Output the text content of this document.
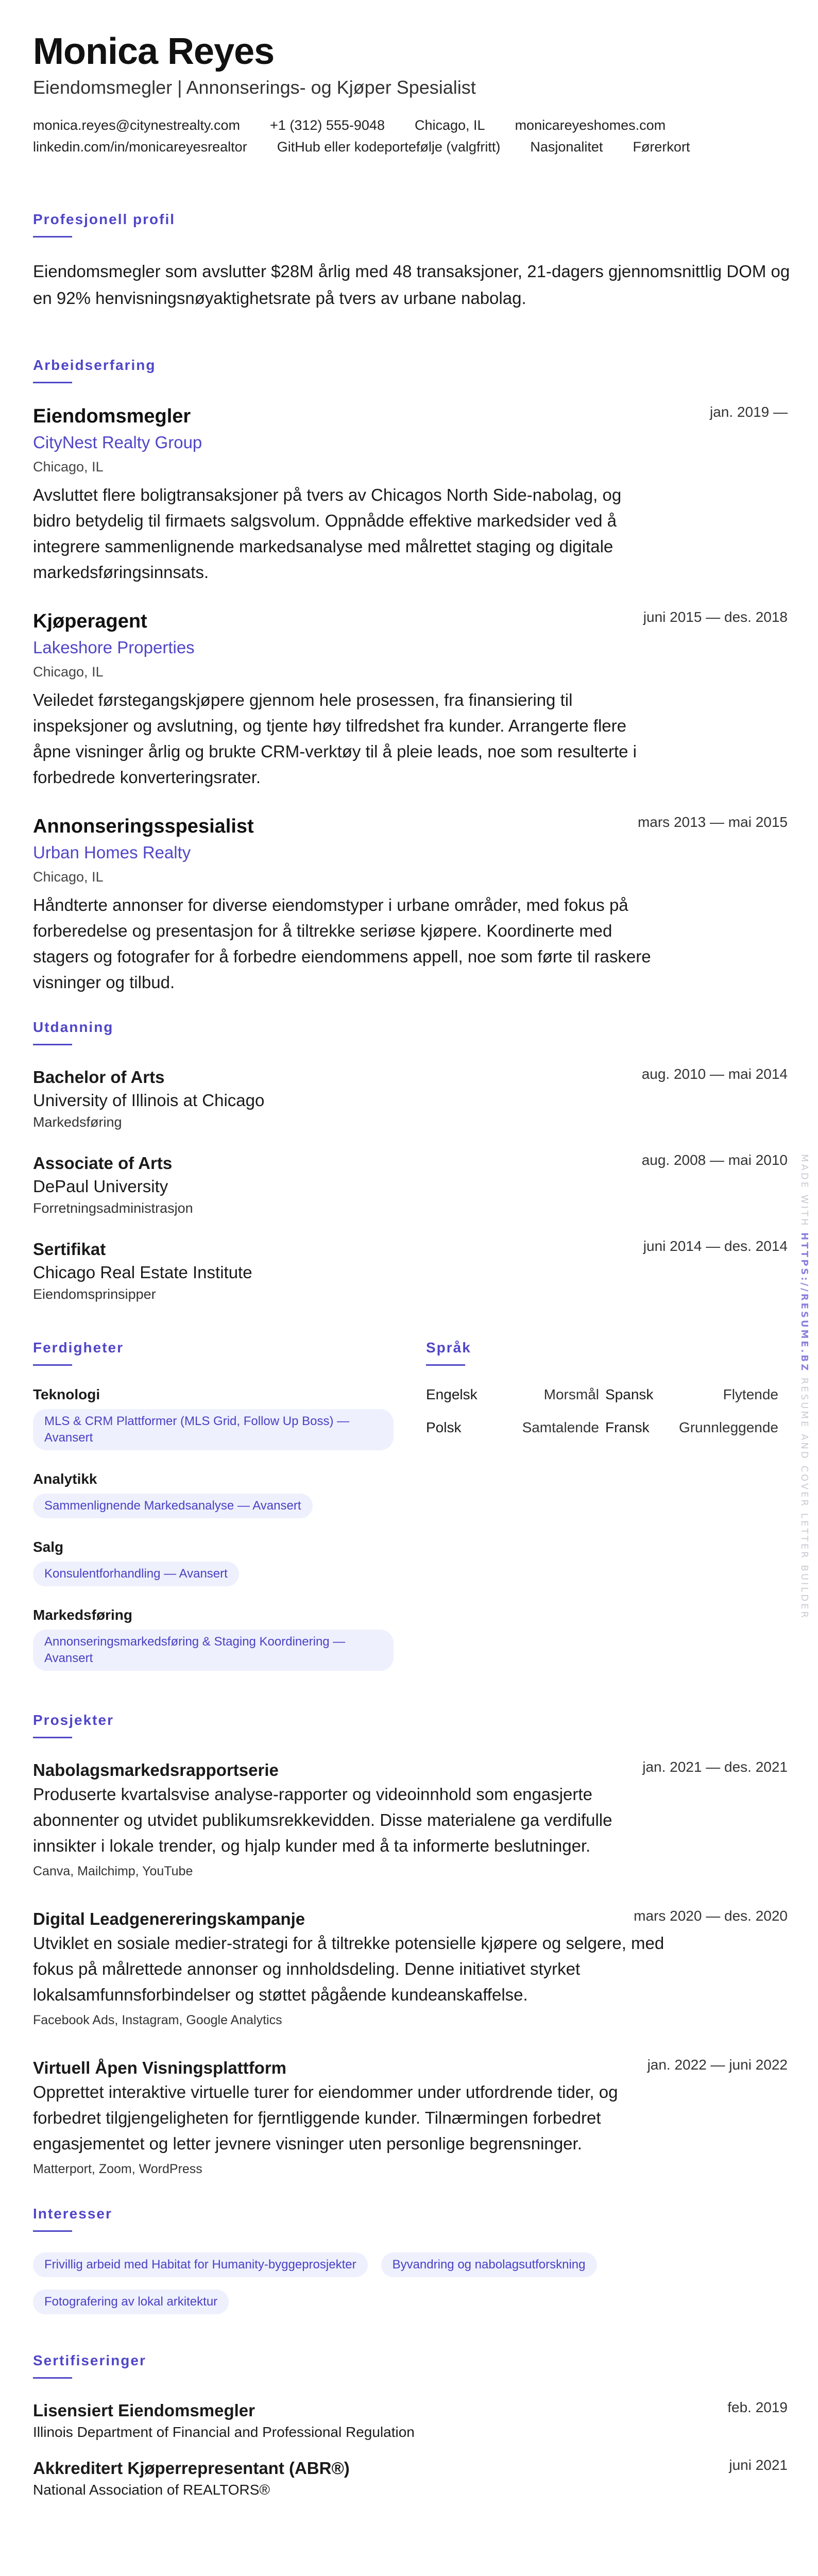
Monica Reyes
Eiendomsmegler | Annonserings- og Kjøper Spesialist
monica.reyes@citynestrealty.com +1 (312) 555-9048 Chicago, IL monicareyeshomes.com
linkedin.com/in/monicareyesrealtor GitHub eller kodeportefølje (valgfritt) Nasjonalitet Førerkort
Profesjonell profil
Eiendomsmegler som avslutter $28M årlig med 48 transaksjoner, 21-dagers gjennomsnittlig DOM og en 92% henvisningsnøyaktighetsrate på tvers av urbane nabolag.
Arbeidserfaring
jan. 2019 —
Eiendomsmegler
CityNest Realty Group
Chicago, IL
Avsluttet flere boligtransaksjoner på tvers av Chicagos North Side-nabolag, og bidro betydelig til firmaets salgsvolum. Oppnådde effektive markedsider ved å integrere sammenlignende markedsanalyse med målrettet staging og digitale markedsføringsinnsats.
juni 2015 — des. 2018
Kjøperagent
Lakeshore Properties
Chicago, IL
Veiledet førstegangskjøpere gjennom hele prosessen, fra finansiering til inspeksjoner og avslutning, og tjente høy tilfredshet fra kunder. Arrangerte flere åpne visninger årlig og brukte CRM-verktøy til å pleie leads, noe som resulterte i forbedrede konverteringsrater.
mars 2013 — mai 2015
Annonseringsspesialist
Urban Homes Realty
Chicago, IL
Håndterte annonser for diverse eiendomstyper i urbane områder, med fokus på forberedelse og presentasjon for å tiltrekke seriøse kjøpere. Koordinerte med stagers og fotografer for å forbedre eiendommens appell, noe som førte til raskere visninger og tilbud.
Utdanning
aug. 2010 — mai 2014
Bachelor of Arts
University of Illinois at Chicago
Markedsføring
aug. 2008 — mai 2010
Associate of Arts
DePaul University
Forretningsadministrasjon
juni 2014 — des. 2014
Sertifikat
Chicago Real Estate Institute
Eiendomsprinsipper
Ferdigheter
Teknologi
MLS & CRM Plattformer (MLS Grid, Follow Up Boss) — Avansert
Analytikk
Sammenlignende Markedsanalyse — Avansert
Salg
Konsulentforhandling — Avansert
Markedsføring
Annonseringsmarkedsføring & Staging Koordinering — Avansert
Språk
Engelsk	Morsmål Spansk	Flytende
Polsk	Samtalende Fransk Grunnleggende
Prosjekter
jan. 2021 — des. 2021
Nabolagsmarkedsrapportserie
Produserte kvartalsvise analyse-rapporter og videoinnhold som engasjerte abonnenter og utvidet publikumsrekkevidden. Disse materialene ga verdifulle innsikter i lokale trender, og hjalp kunder med å ta informerte beslutninger.
Canva, Mailchimp, YouTube
mars 2020 — des. 2020
Digital Leadgenereringskampanje
Utviklet en sosiale medier-strategi for å tiltrekke potensielle kjøpere og selgere, med fokus på målrettede annonser og innholdsdeling. Denne initiativet styrket lokalsamfunnsforbindelser og støttet pågående kundeanskaffelse.
Facebook Ads, Instagram, Google Analytics
jan. 2022 — juni 2022
Virtuell Åpen Visningsplattform
Opprettet interaktive virtuelle turer for eiendommer under utfordrende tider, og forbedret tilgjengeligheten for fjerntliggende kunder. Tilnærmingen forbedret engasjementet og letter jevnere visninger uten personlige begrensninger.
Matterport, Zoom, WordPress
Interesser
Frivillig arbeid med Habitat for Humanity-byggeprosjekter	Byvandring og nabolagsutforskning
Fotografering av lokal arkitektur
Sertifiseringer
feb. 2019
Lisensiert Eiendomsmegler
Illinois Department of Financial and Professional Regulation
juni 2021
Akkreditert Kjøperrepresentant (ABR®)
National Association of REALTORS®
MADE WITH HTTPS://RESUME.BZ RESUME AND COVER LETTER BUILDER
